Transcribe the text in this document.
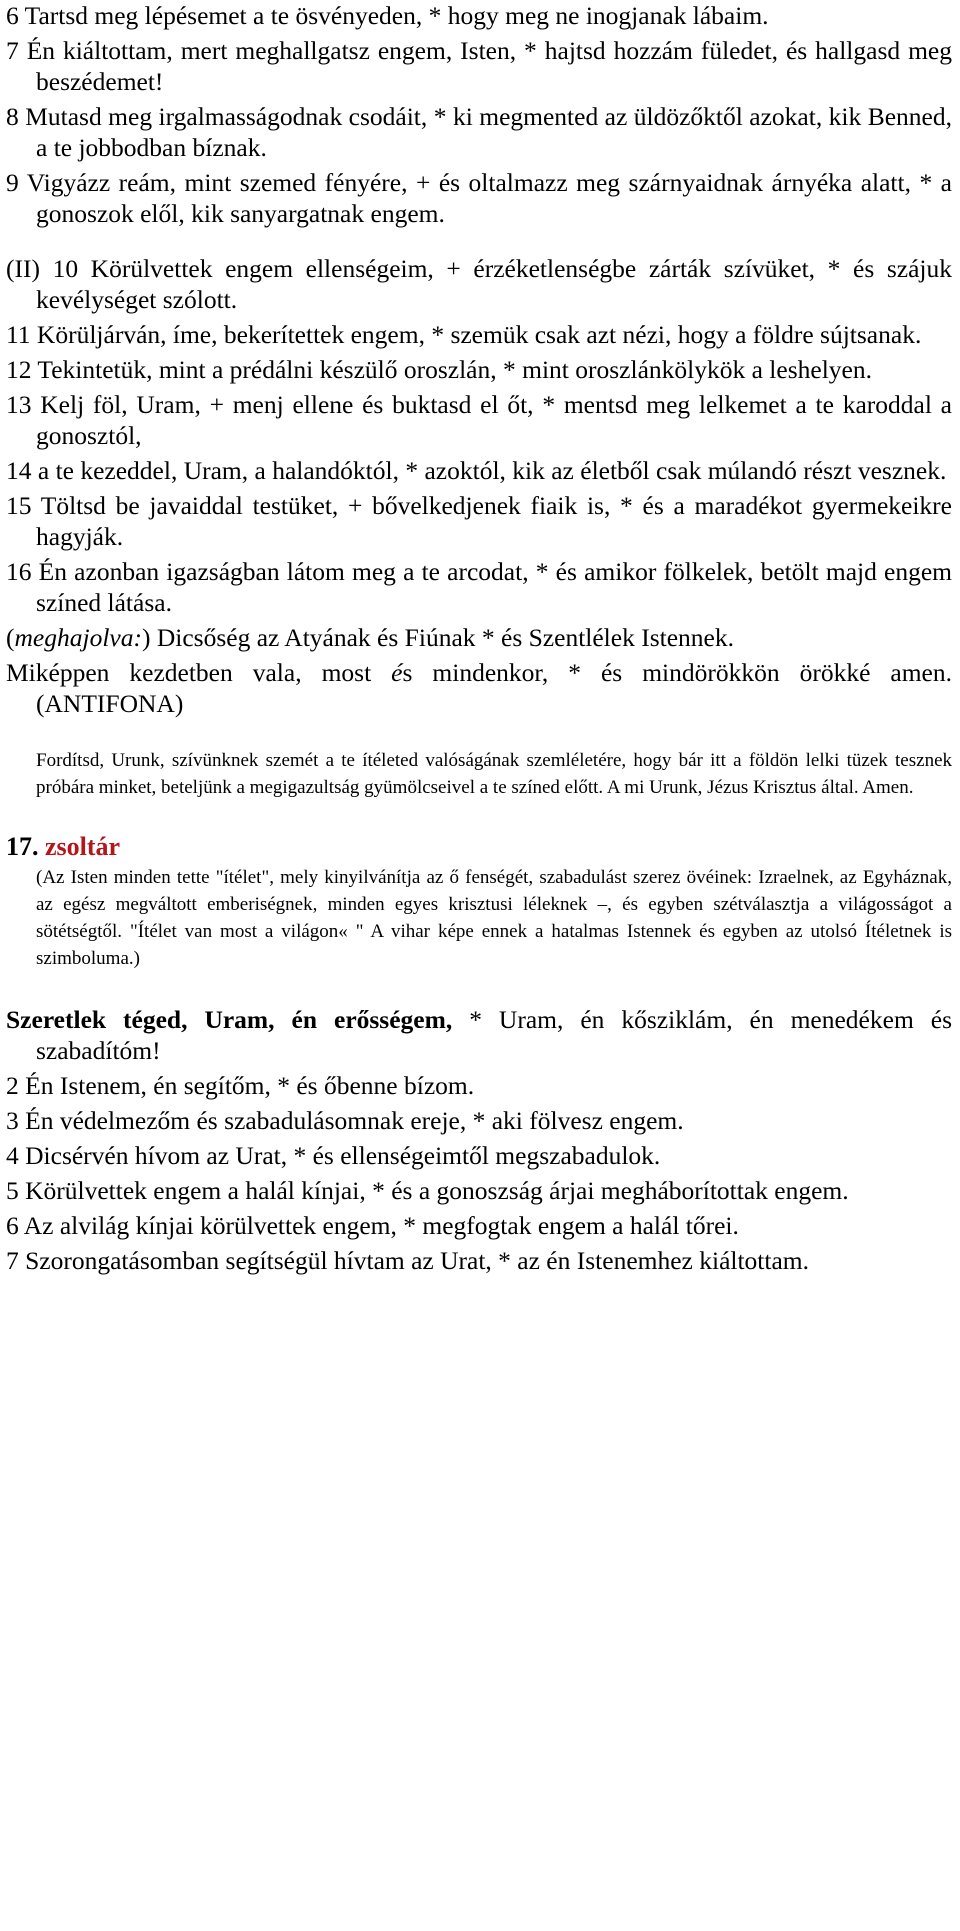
6 Tartsd meg lépésemet a te ösvényeden, * hogy meg ne inogjanak lábaim.

7 Én kiáltottam, mert meghallgatsz engem, Isten, * hajtsd hozzám füledet, és hallgasd meg beszédemet!

8 Mutasd meg irgalmasságodnak csodáit, * ki megmented az üldözőktől azokat, kik Benned, a te jobbodban bíznak.

9 Vigyázz reám, mint szemed fényére, + és oltalmazz meg szárnyaidnak árnyéka alatt, * a gonoszok elől, kik sanyargatnak engem.

(II) 10 Körülvettek engem ellenségeim, + érzéketlenségbe zárták szívüket, * és szájuk kevélységet szólott.

11 Körüljárván, íme, bekerítettek engem, * szemük csak azt nézi, hogy a földre sújtsanak.

12 Tekintetük, mint a prédálni készülő oroszlán, * mint oroszlánkölykök a leshelyen.

13 Kelj föl, Uram, + menj ellene és buktasd el őt, * mentsd meg lelkemet a te karoddal a gonosztól,

14 a te kezeddel, Uram, a halandóktól, * azoktól, kik az életből csak múlandó részt vesznek.

15 Töltsd be javaiddal testüket, + bővelkedjenek fiaik is, * és a maradékot gyermekeikre hagyják.

16 Én azonban igazságban látom meg a te arcodat, * és amikor fölkelek, betölt majd engem színed látása.

(meghajolva:) Dicsőség az Atyának és Fiúnak * és Szentlélek Istennek.

Miképpen kezdetben vala, most és mindenkor, * és mindörökkön örökké amen. (ANTIFONA)

Fordítsd, Urunk, szívünknek szemét a te ítéleted valóságának szemléletére, hogy bár itt a földön lelki tüzek tesznek próbára minket, beteljünk a megigazultság gyümölcseivel a te színed előtt. A mi Urunk, Jézus Krisztus által. Amen.

17. zsoltár

(Az Isten minden tette "ítélet", mely kinyilvánítja az ő fenségét, szabadulást szerez övéinek: Izraelnek, az Egyháznak, az egész megváltott emberiségnek, minden egyes krisztusi léleknek –, és egyben szétválasztja a világosságot a sötétségtől. "Ítélet van most a világon« " A vihar képe ennek a hatalmas Istennek és egyben az utolsó Ítéletnek is szimboluma.)

Szeretlek téged, Uram, én erősségem, * Uram, én kősziklám, én menedékem és szabadítóm!

2 Én Istenem, én segítőm, * és őbenne bízom.

3 Én védelmezőm és szabadulásomnak ereje, * aki fölvesz engem.

4 Dicsérvén hívom az Urat, * és ellenségeimtől megszabadulok.

5 Körülvettek engem a halál kínjai, * és a gonoszság árjai megháborítottak engem.

6 Az alvilág kínjai körülvettek engem, * megfogtak engem a halál tőrei.

7 Szorongatásomban segítségül hívtam az Urat, * az én Istenemhez kiáltottam.
